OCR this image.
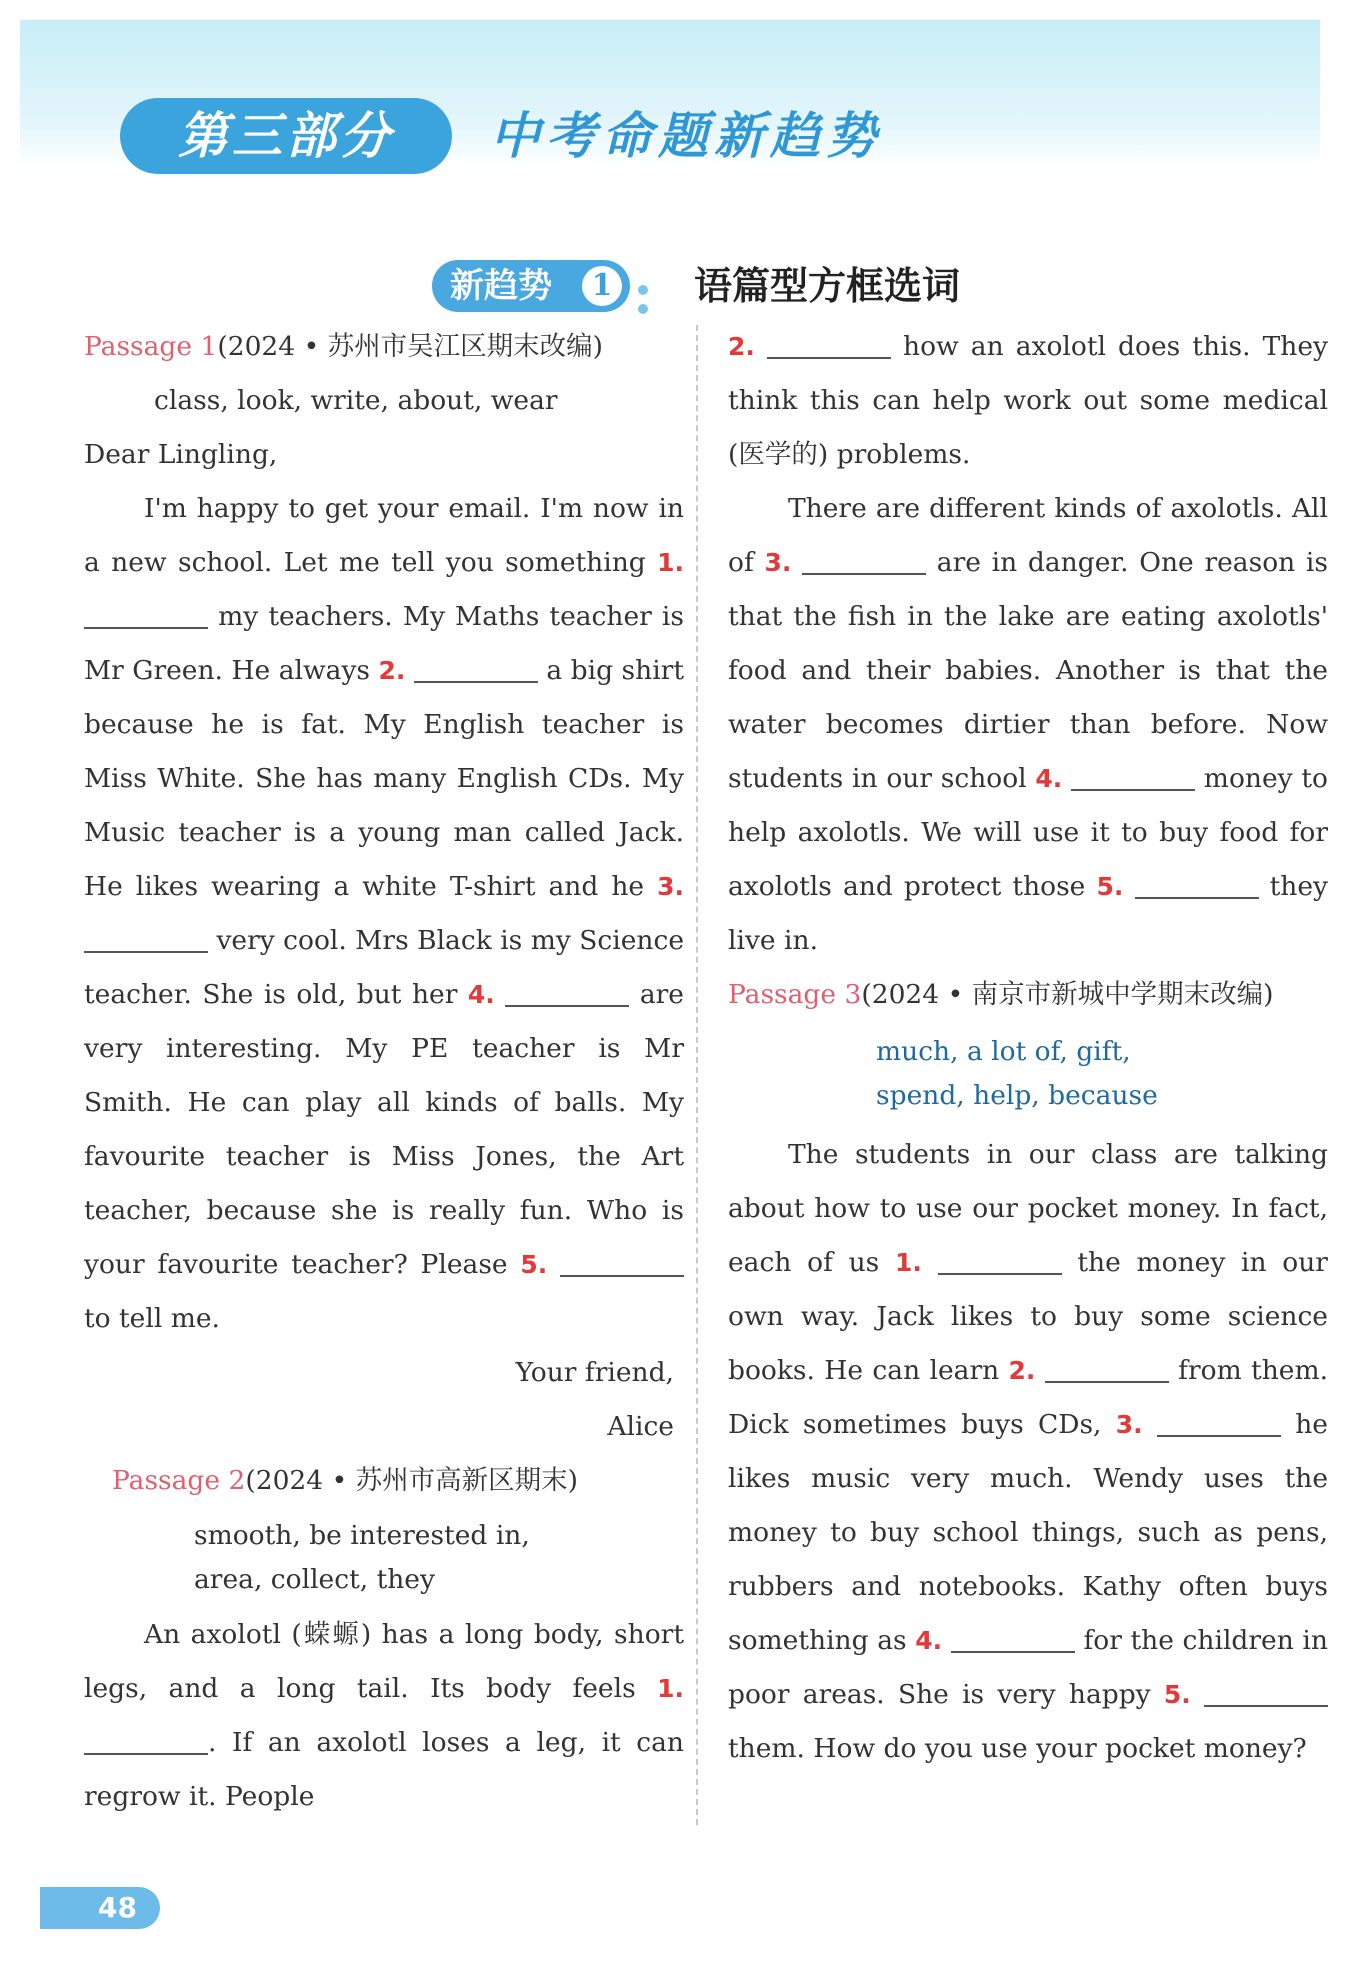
第三部分	中考命题新趋势
新趋势	1 语篇型方框选词
Passage 1(2024 • 苏州市吴江区期末改编)
class, look, write, about, wear

Dear Lingling,

I'm happy to get your email. I'm now in a new school. Let me tell you something 1.  my teachers. My Maths teacher is Mr Green. He always 2.	a big shirt because he is fat. My English teacher is Miss White. She has many English CDs. My Music teacher is a young man called Jack. He likes wearing a white T-shirt and he 3.  very cool. Mrs Black is my Science teacher. She is old, but her 4.	are very interesting. My PE teacher is Mr Smith. He can play all kinds of balls. My favourite teacher is Miss Jones, the Art teacher, because she is really fun. Who is your favourite teacher? Please 5.  to tell me.

Your friend,

Alice

Passage 2(2024 • 苏州市高新区期末)
smooth, be interested in,
area, collect, they

An axolotl (蝾螈) has a long body, short legs, and a long tail. Its body feels 1. . If an axolotl loses a leg, it can regrow it. People

2.	how an axolotl does this. They think this can help work out some medical (医学的) problems.

There are different kinds of axolotls. All of 3.	are in danger. One reason is that the fish in the lake are eating axolotls' food and their babies. Another is that the water becomes dirtier than before. Now students in our school 4.	money to help axolotls. We will use it to buy food for axolotls and protect those 5.	they live in.

Passage 3(2024 • 南京市新城中学期末改编)
much, a lot of, gift,
spend, help, because

The students in our class are talking about how to use our pocket money. In fact, each of us 1.	the money in our own way. Jack likes to buy some science books. He can learn 2.	from them. Dick sometimes buys CDs, 3.	he likes music very much. Wendy uses the money to buy school things, such as pens, rubbers and notebooks. Kathy often buys something as 4.	for the children in poor areas. She is very happy 5.  them. How do you use your pocket money?

48
